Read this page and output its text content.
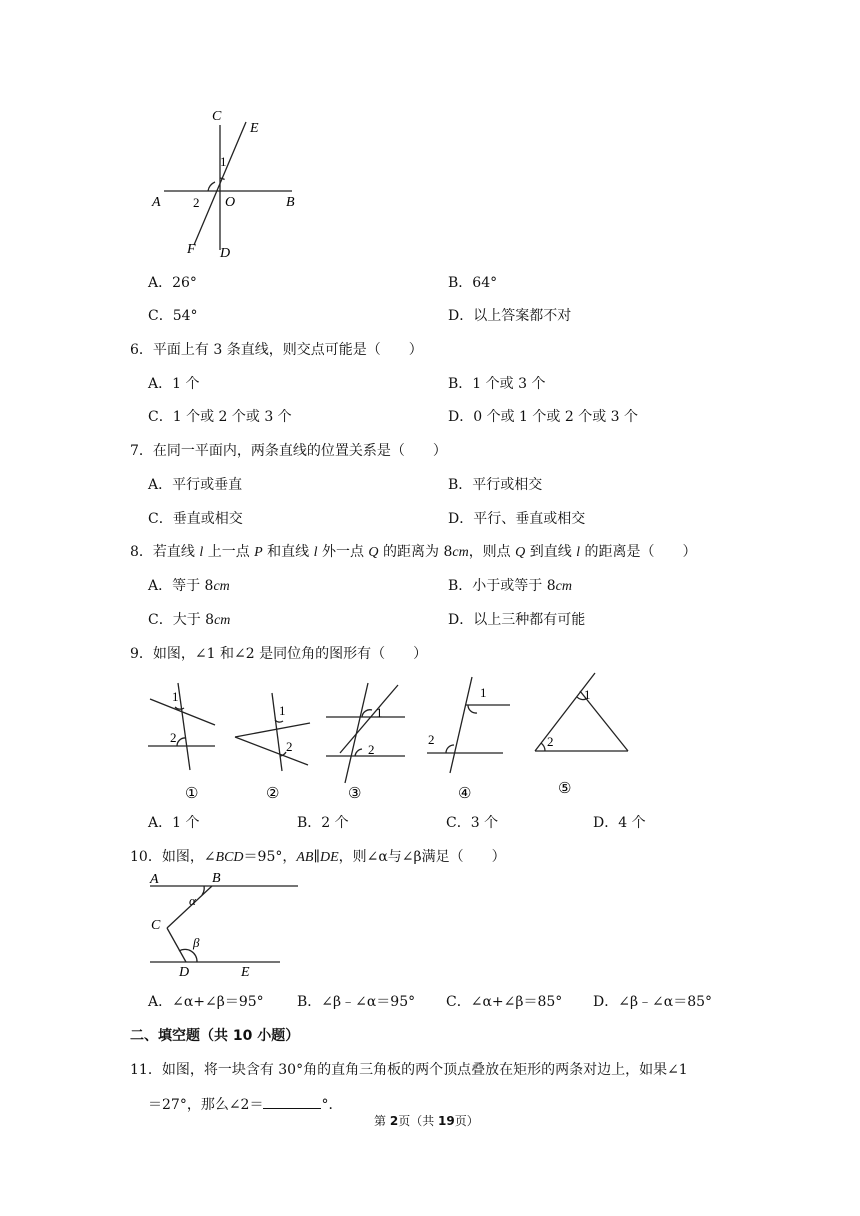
C
E
1
A 2 O	B
F D
A．26°	B．64°
C．54°	D．以上答案都不对
6．平面上有 3 条直线，则交点可能是（　　）
A．1 个	B．1 个或 3 个
C．1 个或 2 个或 3 个	D．0 个或 1 个或 2 个或 3 个
7．在同一平面内，两条直线的位置关系是（　　）
A．平行或垂直	B．平行或相交
C．垂直或相交	D．平行、垂直或相交
8．若直线 l 上一点 P 和直线 l 外一点 Q 的距离为 8cm，则点 Q 到直线 l 的距离是（　　）
A．等于 8cm	B．小于或等于 8cm
C．大于 8cm	D．以上三种都有可能
9．如图，∠1 和∠2 是同位角的图形有（　　）
1
2
1
2
1
2
1
2
1
2
①	②	③	④	⑤
A．1 个	B．2 个	C．3 个	D．4 个
10．如图，∠BCD＝95°，AB∥DE，则∠α与∠β满足（　　）
A	B
α
C
β
D	E
A．∠α+∠β＝95° B．∠β﹣∠α＝95° C．∠α+∠β＝85° D．∠β﹣∠α＝85°
二、填空题（共 10 小题）
11．如图，将一块含有 30°角的直角三角板的两个顶点叠放在矩形的两条对边上，如果∠1
＝27°，那么∠2＝	°．
第 2页（共 19页）
